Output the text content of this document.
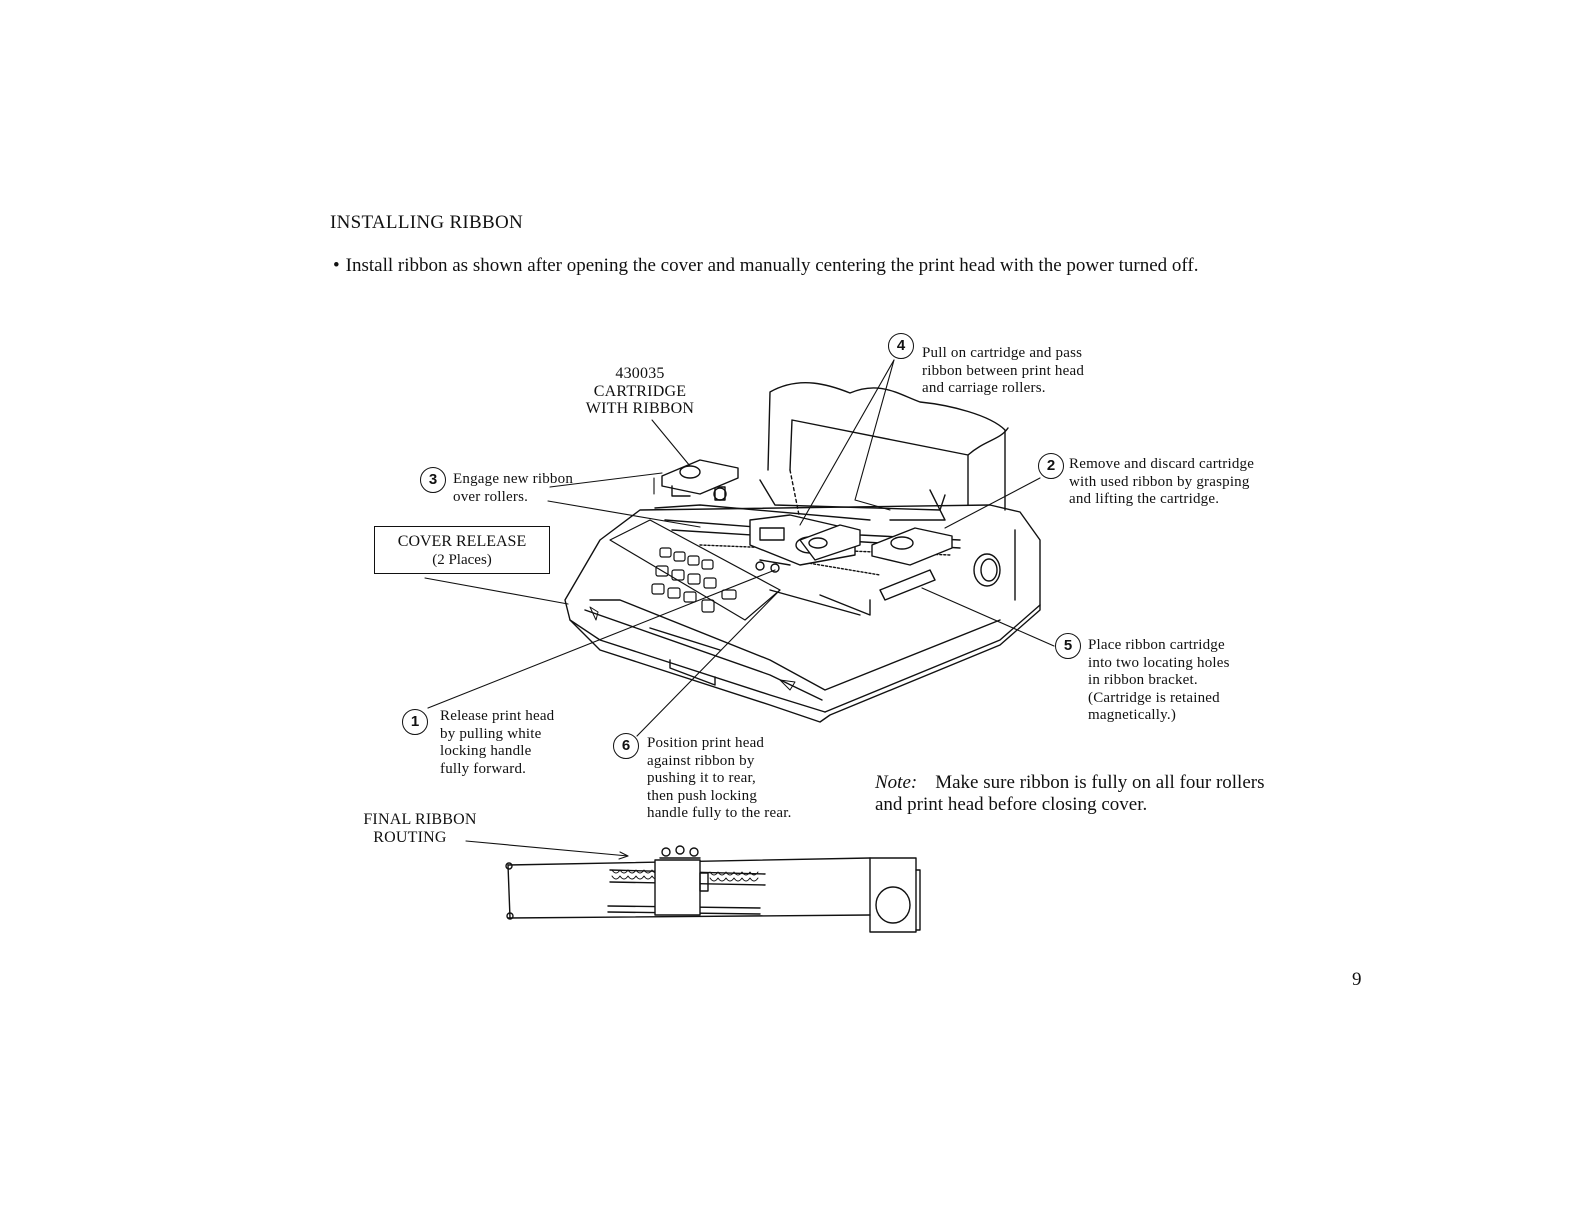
INSTALLING RIBBON
• Install ribbon as shown after opening the cover and manually centering the print head with the power turned off.
1
2
3
4
5
6
430035
CARTRIDGE
WITH RIBBON
COVER RELEASE
(2 Places)
Release print head
by pulling white
locking handle
fully forward.
Remove and discard cartridge
with used ribbon by grasping
and lifting the cartridge.
Engage new ribbon
over rollers.
Pull on cartridge and pass
ribbon between print head
and carriage rollers.
Place ribbon cartridge
into two locating holes
in ribbon bracket.
(Cartridge is retained
magnetically.)
Position print head
against ribbon by
pushing it to rear,
then push locking
handle fully to the rear.
FINAL RIBBON
ROUTING
Note: Make sure ribbon is fully on all four rollers
and print head before closing cover.
9
